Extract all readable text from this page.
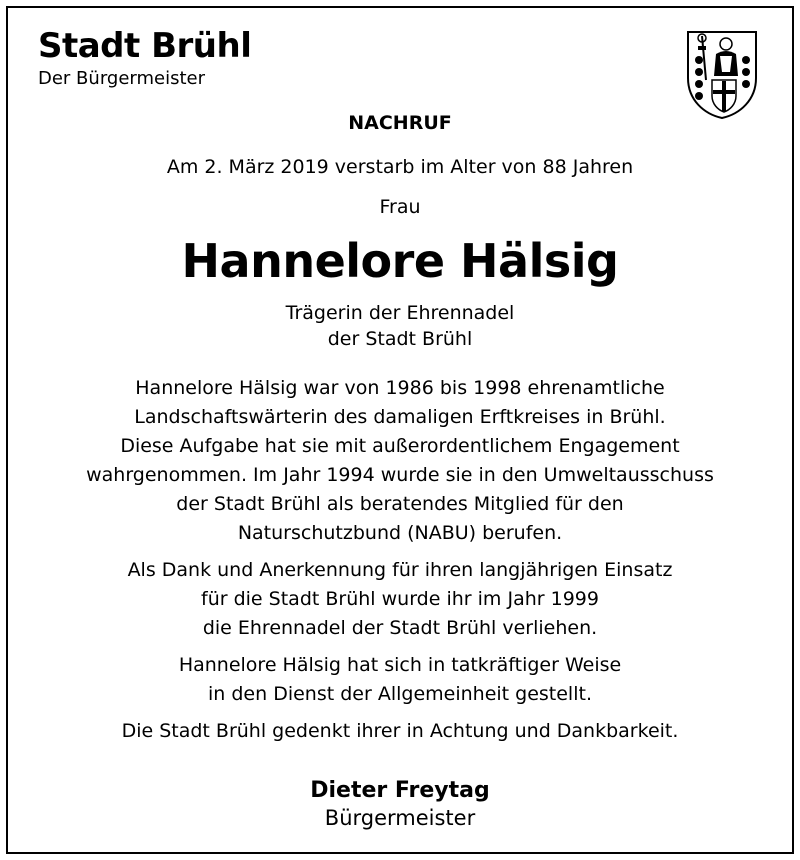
Stadt Brühl
Der Bürgermeister
NACHRUF
Am 2. März 2019 verstarb im Alter von 88 Jahren
Frau
Hannelore Hälsig
Trägerin der Ehrennadel
der Stadt Brühl

Hannelore Hälsig war von 1986 bis 1998 ehrenamtliche
Landschaftswärterin des damaligen Erftkreises in Brühl.
Diese Aufgabe hat sie mit außerordentlichem Engagement
wahrgenommen. Im Jahr 1994 wurde sie in den Umweltausschuss
der Stadt Brühl als beratendes Mitglied für den
Naturschutzbund (NABU) berufen.

Als Dank und Anerkennung für ihren langjährigen Einsatz
für die Stadt Brühl wurde ihr im Jahr 1999
die Ehrennadel der Stadt Brühl verliehen.

Hannelore Hälsig hat sich in tatkräftiger Weise
in den Dienst der Allgemeinheit gestellt.

Die Stadt Brühl gedenkt ihrer in Achtung und Dankbarkeit.

Dieter Freytag
Bürgermeister
